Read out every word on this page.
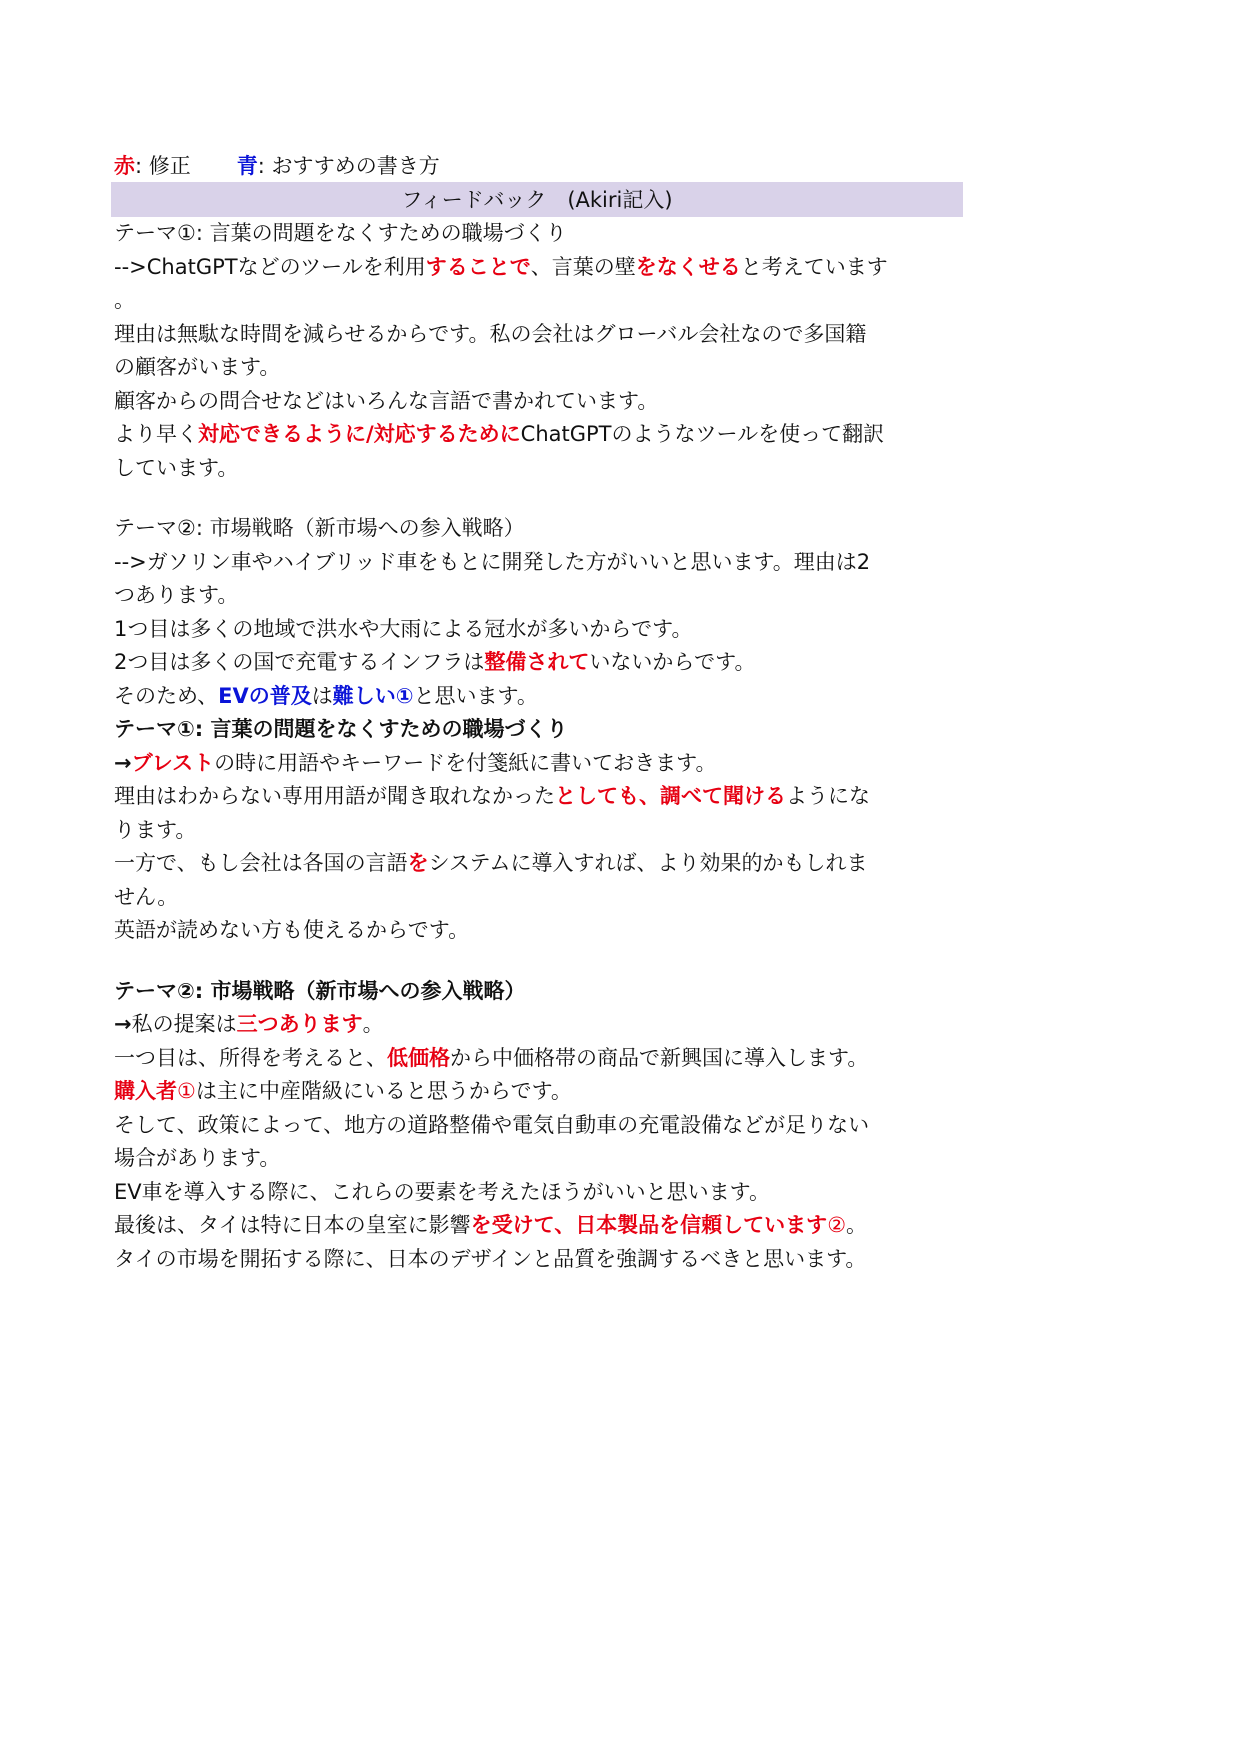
赤: 修正 青: おすすめの書き方
フィードバック　(Akiri記入)
テーマ①: 言葉の問題をなくすための職場づくり
-->ChatGPTなどのツールを利用することで、言葉の壁をなくせると考えています
。
理由は無駄な時間を減らせるからです。私の会社はグローバル会社なので多国籍
の顧客がいます。
顧客からの問合せなどはいろんな言語で書かれています。
より早く対応できるように/対応するためにChatGPTのようなツールを使って翻訳
しています。
テーマ②: 市場戦略（新市場への参入戦略）
-->ガソリン車やハイブリッド車をもとに開発した方がいいと思います。理由は2
つあります。
1つ目は多くの地域で洪水や大雨による冠水が多いからです。
2つ目は多くの国で充電するインフラは整備されていないからです。
そのため、EVの普及は難しい①と思います。
テーマ①: 言葉の問題をなくすための職場づくり
→ブレストの時に用語やキーワードを付箋紙に書いておきます。
理由はわからない専用用語が聞き取れなかったとしても、調べて聞けるようにな
ります。
一方で、もし会社は各国の言語をシステムに導入すれば、より効果的かもしれま
せん。
英語が読めない方も使えるからです。
テーマ②: 市場戦略（新市場への参入戦略）
→私の提案は三つあります。
一つ目は、所得を考えると、低価格から中価格帯の商品で新興国に導入します。
購入者①は主に中産階級にいると思うからです。
そして、政策によって、地方の道路整備や電気自動車の充電設備などが足りない
場合があります。
EV車を導入する際に、これらの要素を考えたほうがいいと思います。
最後は、タイは特に日本の皇室に影響を受けて、日本製品を信頼しています②。
タイの市場を開拓する際に、日本のデザインと品質を強調するべきと思います。
